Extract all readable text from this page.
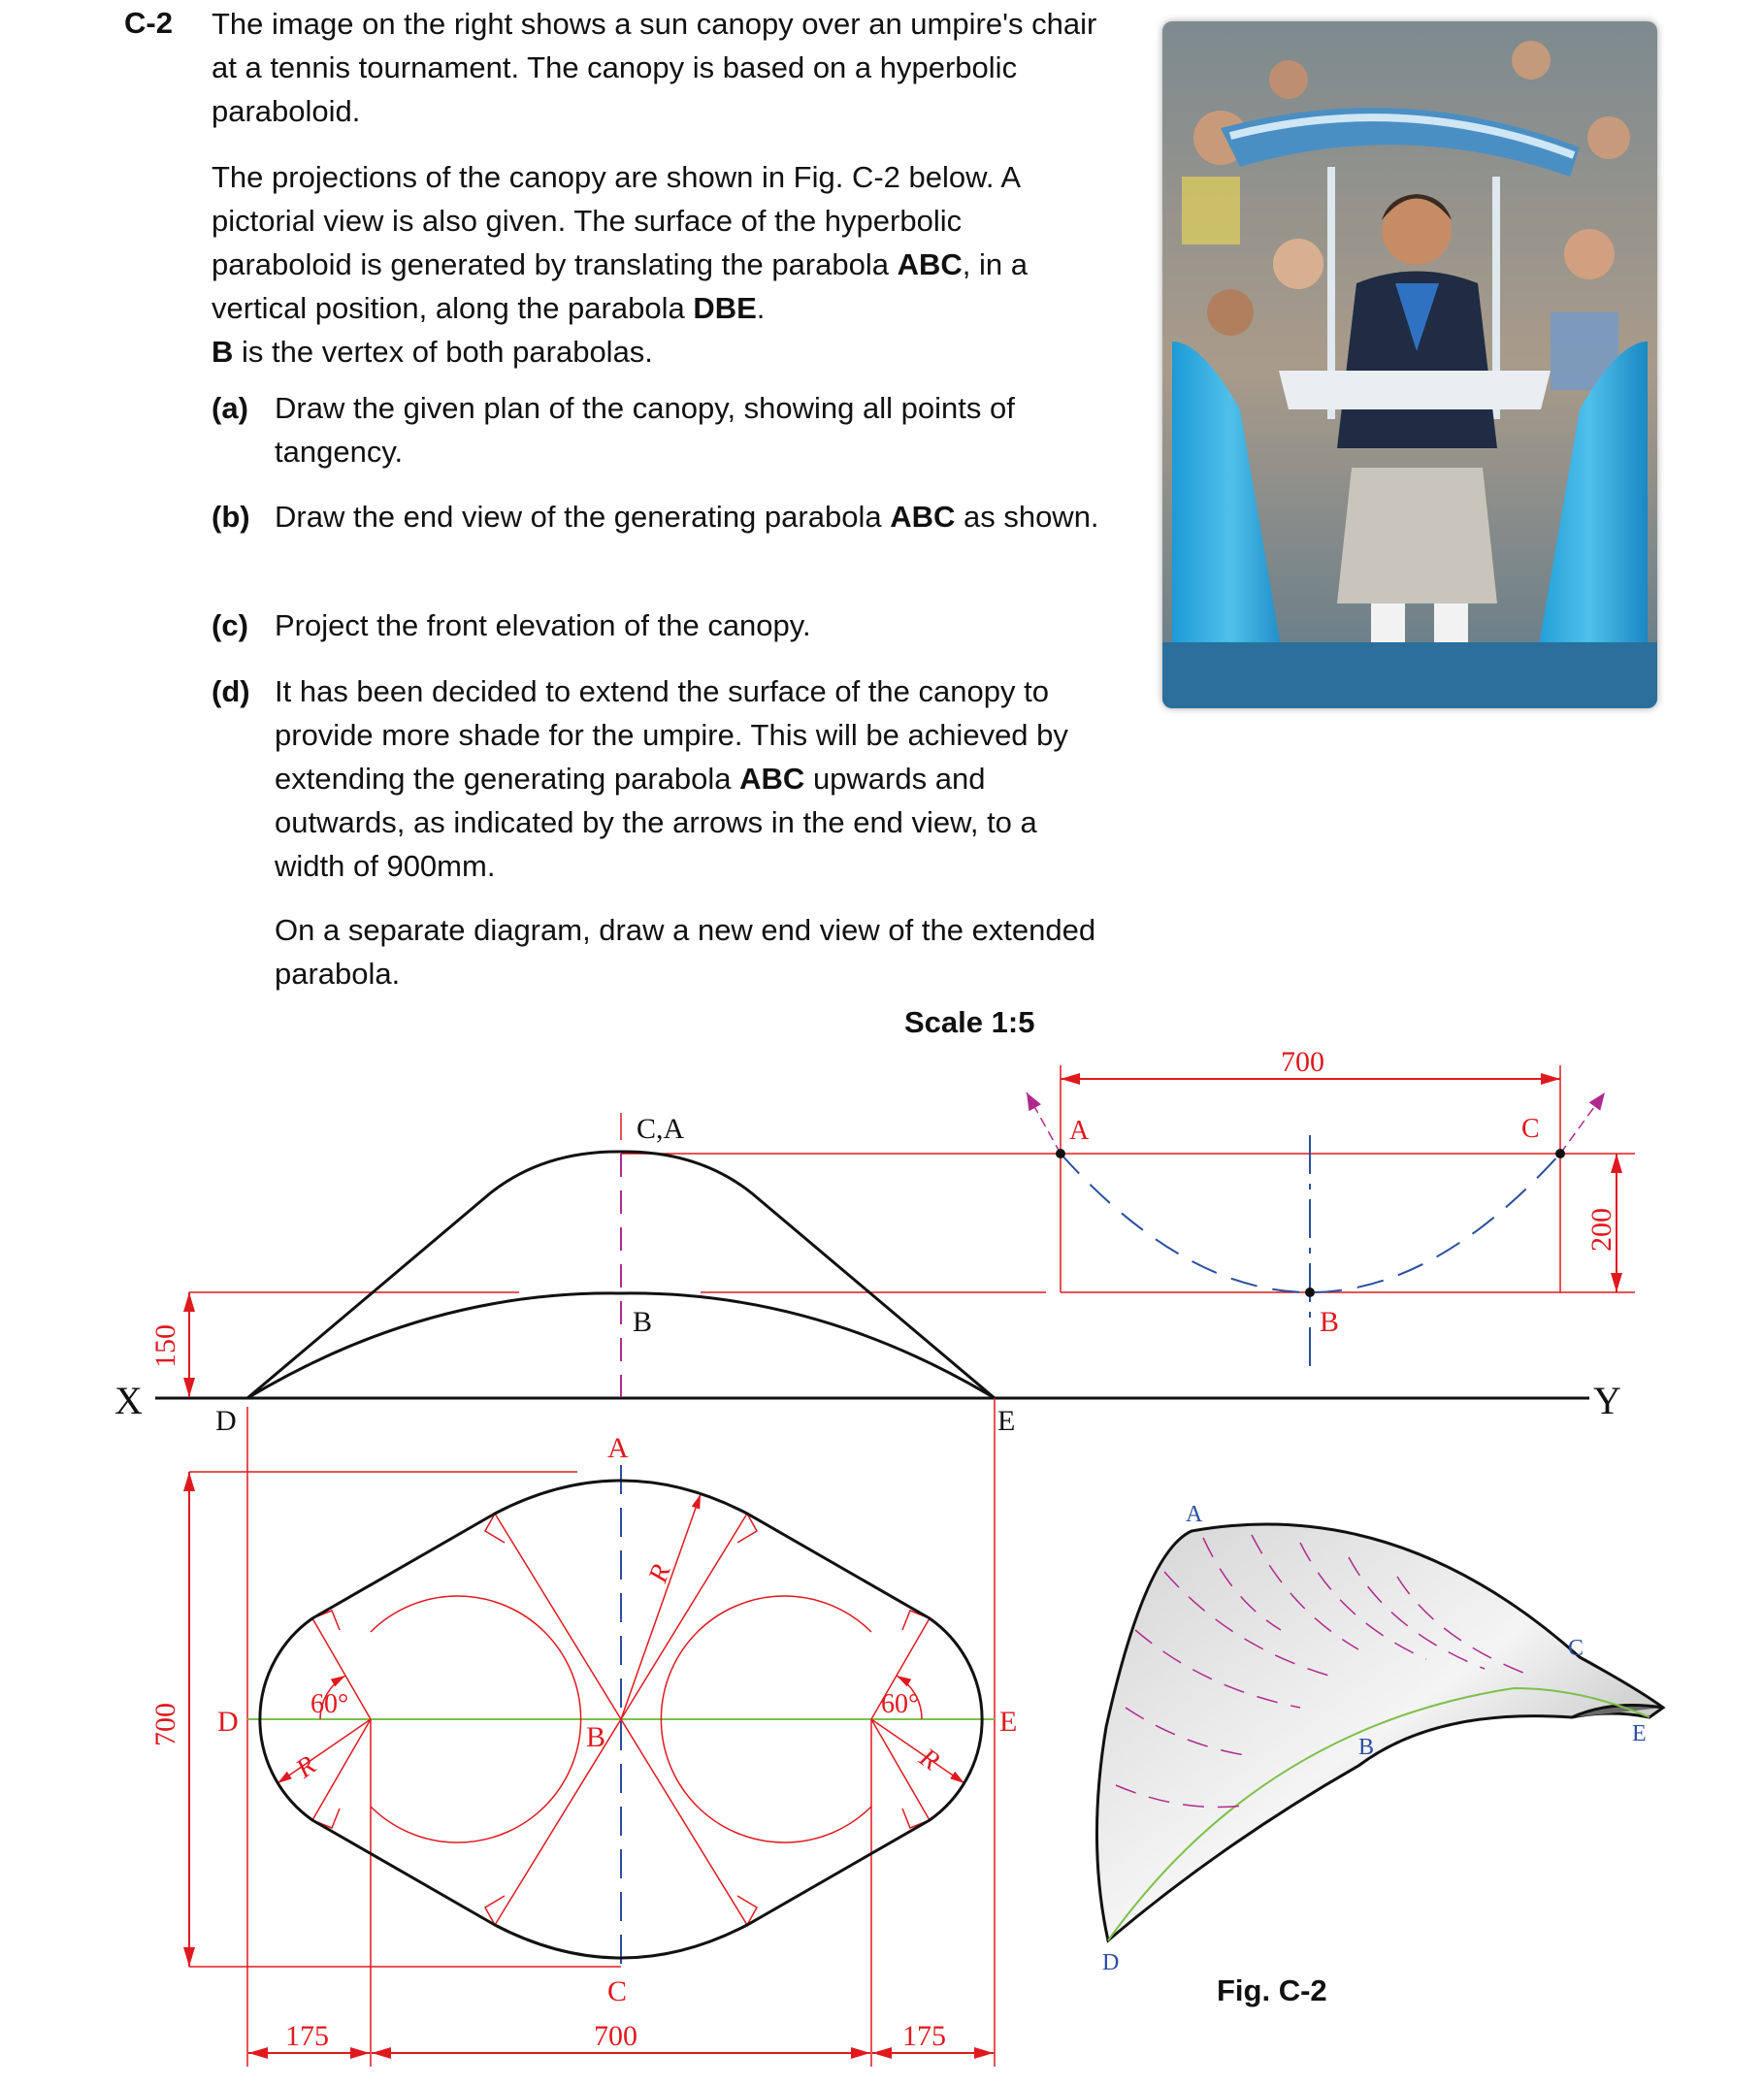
C-2 The image on the right shows a sun canopy over an umpire's chair at a tennis tournament. The canopy is based on a hyperbolic paraboloid.
The projections of the canopy are shown in Fig. C-2 below. A pictorial view is also given. The surface of the hyperbolic paraboloid is generated by translating the parabola ABC, in a vertical position, along the parabola DBE.
B is the vertex of both parabolas.
(a) Draw the given plan of the canopy, showing all points of tangency.
(b) Draw the end view of the generating parabola ABC as shown.
(c) Project the front elevation of the canopy.
(d) It has been decided to extend the surface of the canopy to provide more shade for the umpire. This will be achieved by extending the generating parabola ABC upwards and outwards, as indicated by the arrows in the end view, to a width of 900mm.
On a separate diagram, draw a new end view of the extended parabola.
Scale 1:5
Fig. C-2
X	Y
C,A
B
D	E
150
700
200
A	C
B
700	60°	60°
R
R	R
A
D	E
B
C
175	700	175
A
C
B
E
D
